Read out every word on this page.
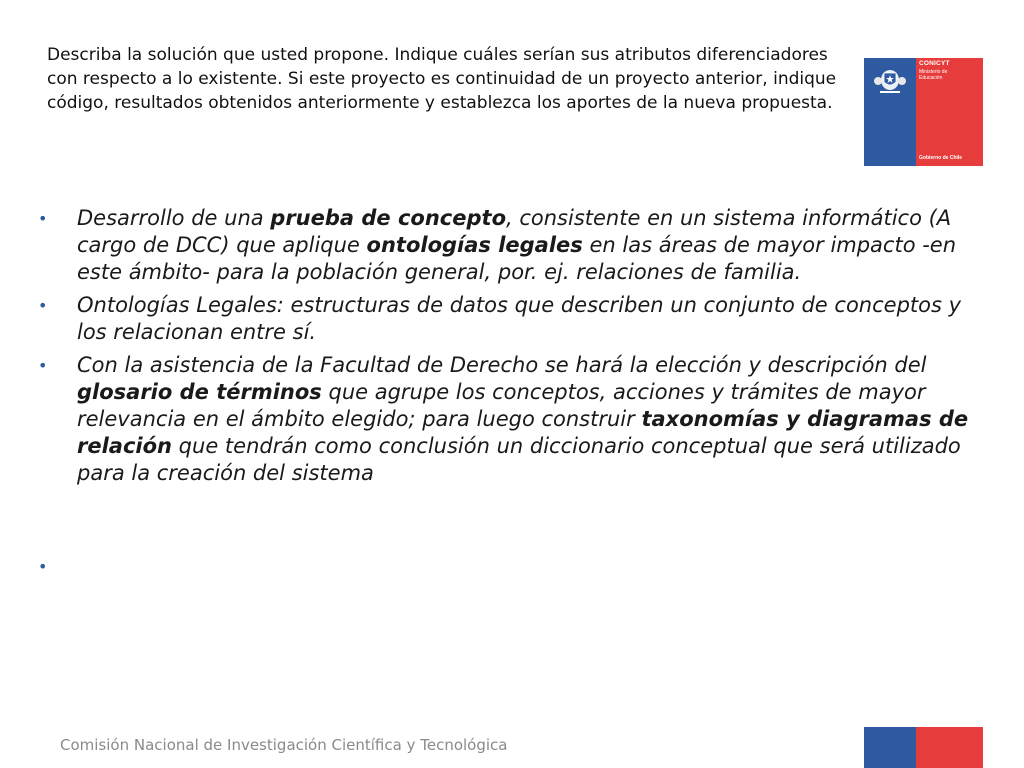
Describa la solución que usted propone. Indique cuáles serían sus atributos diferenciadores con respecto a lo existente. Si este proyecto es continuidad de un proyecto anterior, indique código, resultados obtenidos anteriormente y establezca los aportes de la nueva propuesta.
CONICYT
Ministerio de
Educación
Gobierno de Chile
• Desarrollo de una prueba de concepto, consistente en un sistema informático (A cargo de DCC) que aplique ontologías legales en las áreas de mayor impacto -en este ámbito- para la población general, por. ej. relaciones de familia.
• Ontologías Legales: estructuras de datos que describen un conjunto de conceptos y los relacionan entre sí.
• Con la asistencia de la Facultad de Derecho se hará la elección y descripción del glosario de términos que agrupe los conceptos, acciones y trámites de mayor relevancia en el ámbito elegido; para luego construir taxonomías y diagramas de relación que tendrán como conclusión un diccionario conceptual que será utilizado para la creación del sistema
•
Comisión Nacional de Investigación Científica y Tecnológica
